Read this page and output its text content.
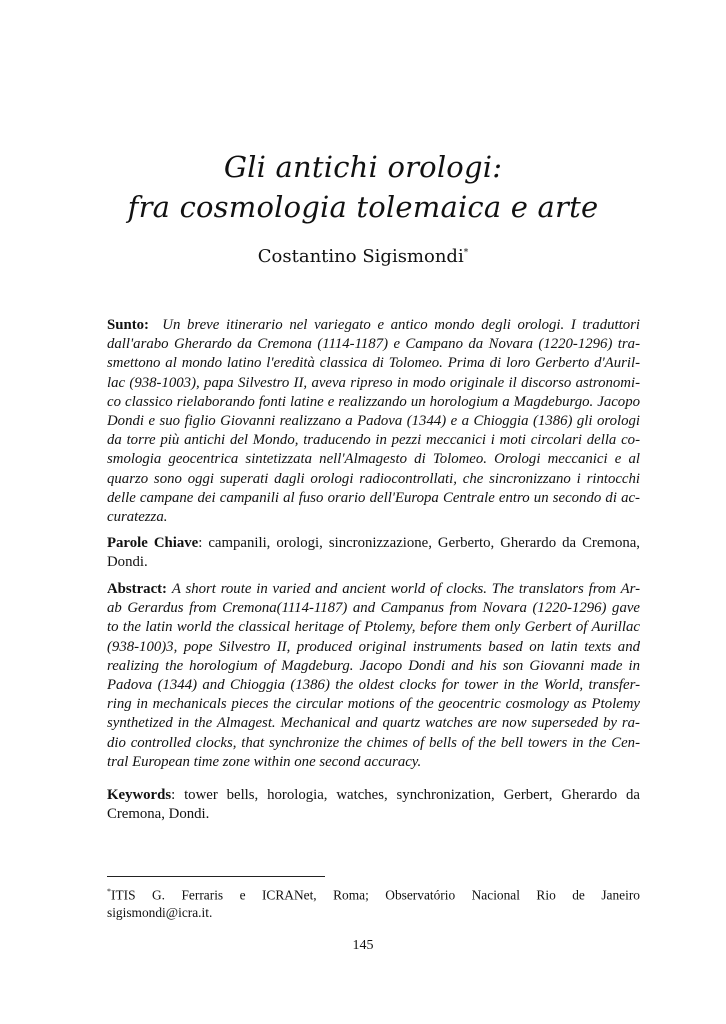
Gli antichi orologi:
fra cosmologia tolemaica e arte
Costantino Sigismondi*
Sunto: Un breve itinerario nel variegato e antico mondo degli orologi. I traduttori
dall'arabo Gherardo da Cremona (1114-1187) e Campano da Novara (1220-1296) tra-
smettono al mondo latino l'eredità classica di Tolomeo. Prima di loro Gerberto d'Auril-
lac (938-1003), papa Silvestro II, aveva ripreso in modo originale il discorso astronomi-
co classico rielaborando fonti latine e realizzando un horologium a Magdeburgo. Jacopo
Dondi e suo figlio Giovanni realizzano a Padova (1344) e a Chioggia (1386) gli orologi
da torre più antichi del Mondo, traducendo in pezzi meccanici i moti circolari della co-
smologia geocentrica sintetizzata nell'Almagesto di Tolomeo. Orologi meccanici e al
quarzo sono oggi superati dagli orologi radiocontrollati, che sincronizzano i rintocchi
delle campane dei campanili al fuso orario dell'Europa Centrale entro un secondo di ac-
curatezza.
Parole Chiave: campanili, orologi, sincronizzazione, Gerberto, Gherardo da Cremona,
Dondi.
Abstract: A short route in varied and ancient world of clocks. The translators from Ar-
ab Gerardus from Cremona(1114-1187) and Campanus from Novara (1220-1296) gave
to the latin world the classical heritage of Ptolemy, before them only Gerbert of Aurillac
(938-100)3, pope Silvestro II, produced original instruments based on latin texts and
realizing the horologium of Magdeburg. Jacopo Dondi and his son Giovanni made in
Padova (1344) and Chioggia (1386) the oldest clocks for tower in the World, transfer-
ring in mechanicals pieces the circular motions of the geocentric cosmology as Ptolemy
synthetized in the Almagest. Mechanical and quartz watches are now superseded by ra-
dio controlled clocks, that synchronize the chimes of bells of the bell towers in the Cen-
tral European time zone within one second accuracy.
Keywords: tower bells, horologia, watches, synchronization, Gerbert, Gherardo da
Cremona, Dondi.
*ITIS G. Ferraris e ICRANet, Roma; Observatório Nacional Rio de Janeiro
sigismondi@icra.it.
145
